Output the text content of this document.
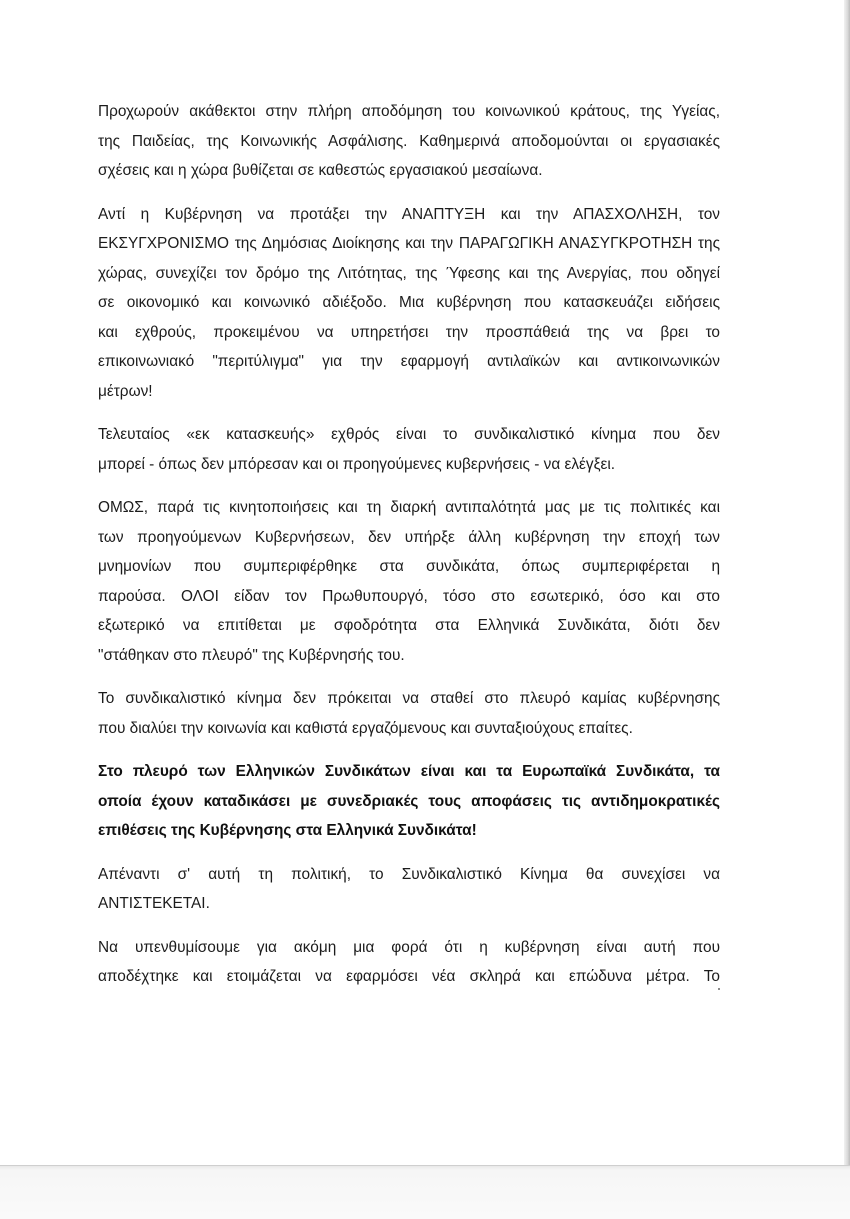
Προχωρούν ακάθεκτοι στην πλήρη αποδόμηση του κοινωνικού κράτους, της Υγείας,
της Παιδείας, της Κοινωνικής Ασφάλισης. Καθημερινά αποδομούνται οι εργασιακές
σχέσεις και η χώρα βυθίζεται σε καθεστώς εργασιακού μεσαίωνα.
Αντί η Κυβέρνηση να προτάξει την ΑΝΑΠΤΥΞΗ και την ΑΠΑΣΧΟΛΗΣΗ, τον
ΕΚΣΥΓΧΡΟΝΙΣΜΟ της Δημόσιας Διοίκησης και την ΠΑΡΑΓΩΓΙΚΗ ΑΝΑΣΥΓΚΡΟΤΗΣΗ της
χώρας, συνεχίζει τον δρόμο της Λιτότητας, της Ύφεσης και της Ανεργίας, που οδηγεί
σε οικονομικό και κοινωνικό αδιέξοδο. Μια κυβέρνηση που κατασκευάζει ειδήσεις
και εχθρούς, προκειμένου να υπηρετήσει την προσπάθειά της να βρει το
επικοινωνιακό "περιτύλιγμα" για την εφαρμογή αντιλαϊκών και αντικοινωνικών
μέτρων!
Τελευταίος «εκ κατασκευής» εχθρός είναι το συνδικαλιστικό κίνημα που δεν
μπορεί - όπως δεν μπόρεσαν και οι προηγούμενες κυβερνήσεις - να ελέγξει.
ΟΜΩΣ, παρά τις κινητοποιήσεις και τη διαρκή αντιπαλότητά μας με τις πολιτικές και
των προηγούμενων Κυβερνήσεων, δεν υπήρξε άλλη κυβέρνηση την εποχή των
μνημονίων που συμπεριφέρθηκε στα συνδικάτα, όπως συμπεριφέρεται η
παρούσα. ΟΛΟΙ είδαν τον Πρωθυπουργό, τόσο στο εσωτερικό, όσο και στο
εξωτερικό να επιτίθεται με σφοδρότητα στα Ελληνικά Συνδικάτα, διότι δεν
"στάθηκαν στο πλευρό" της Κυβέρνησής του.
Το συνδικαλιστικό κίνημα δεν πρόκειται να σταθεί στο πλευρό καμίας κυβέρνησης
που διαλύει την κοινωνία και καθιστά εργαζόμενους και συνταξιούχους επαίτες.
Στο πλευρό των Ελληνικών Συνδικάτων είναι και τα Ευρωπαϊκά Συνδικάτα, τα
οποία έχουν καταδικάσει με συνεδριακές τους αποφάσεις τις αντιδημοκρατικές
επιθέσεις της Κυβέρνησης στα Ελληνικά Συνδικάτα!
Απέναντι σ' αυτή τη πολιτική, το Συνδικαλιστικό Κίνημα θα συνεχίσει να
ΑΝΤΙΣΤΕΚΕΤΑΙ.
Να υπενθυμίσουμε για ακόμη μια φορά ότι η κυβέρνηση είναι αυτή που
αποδέχτηκε και ετοιμάζεται να εφαρμόσει νέα σκληρά και επώδυνα μέτρα. Το
